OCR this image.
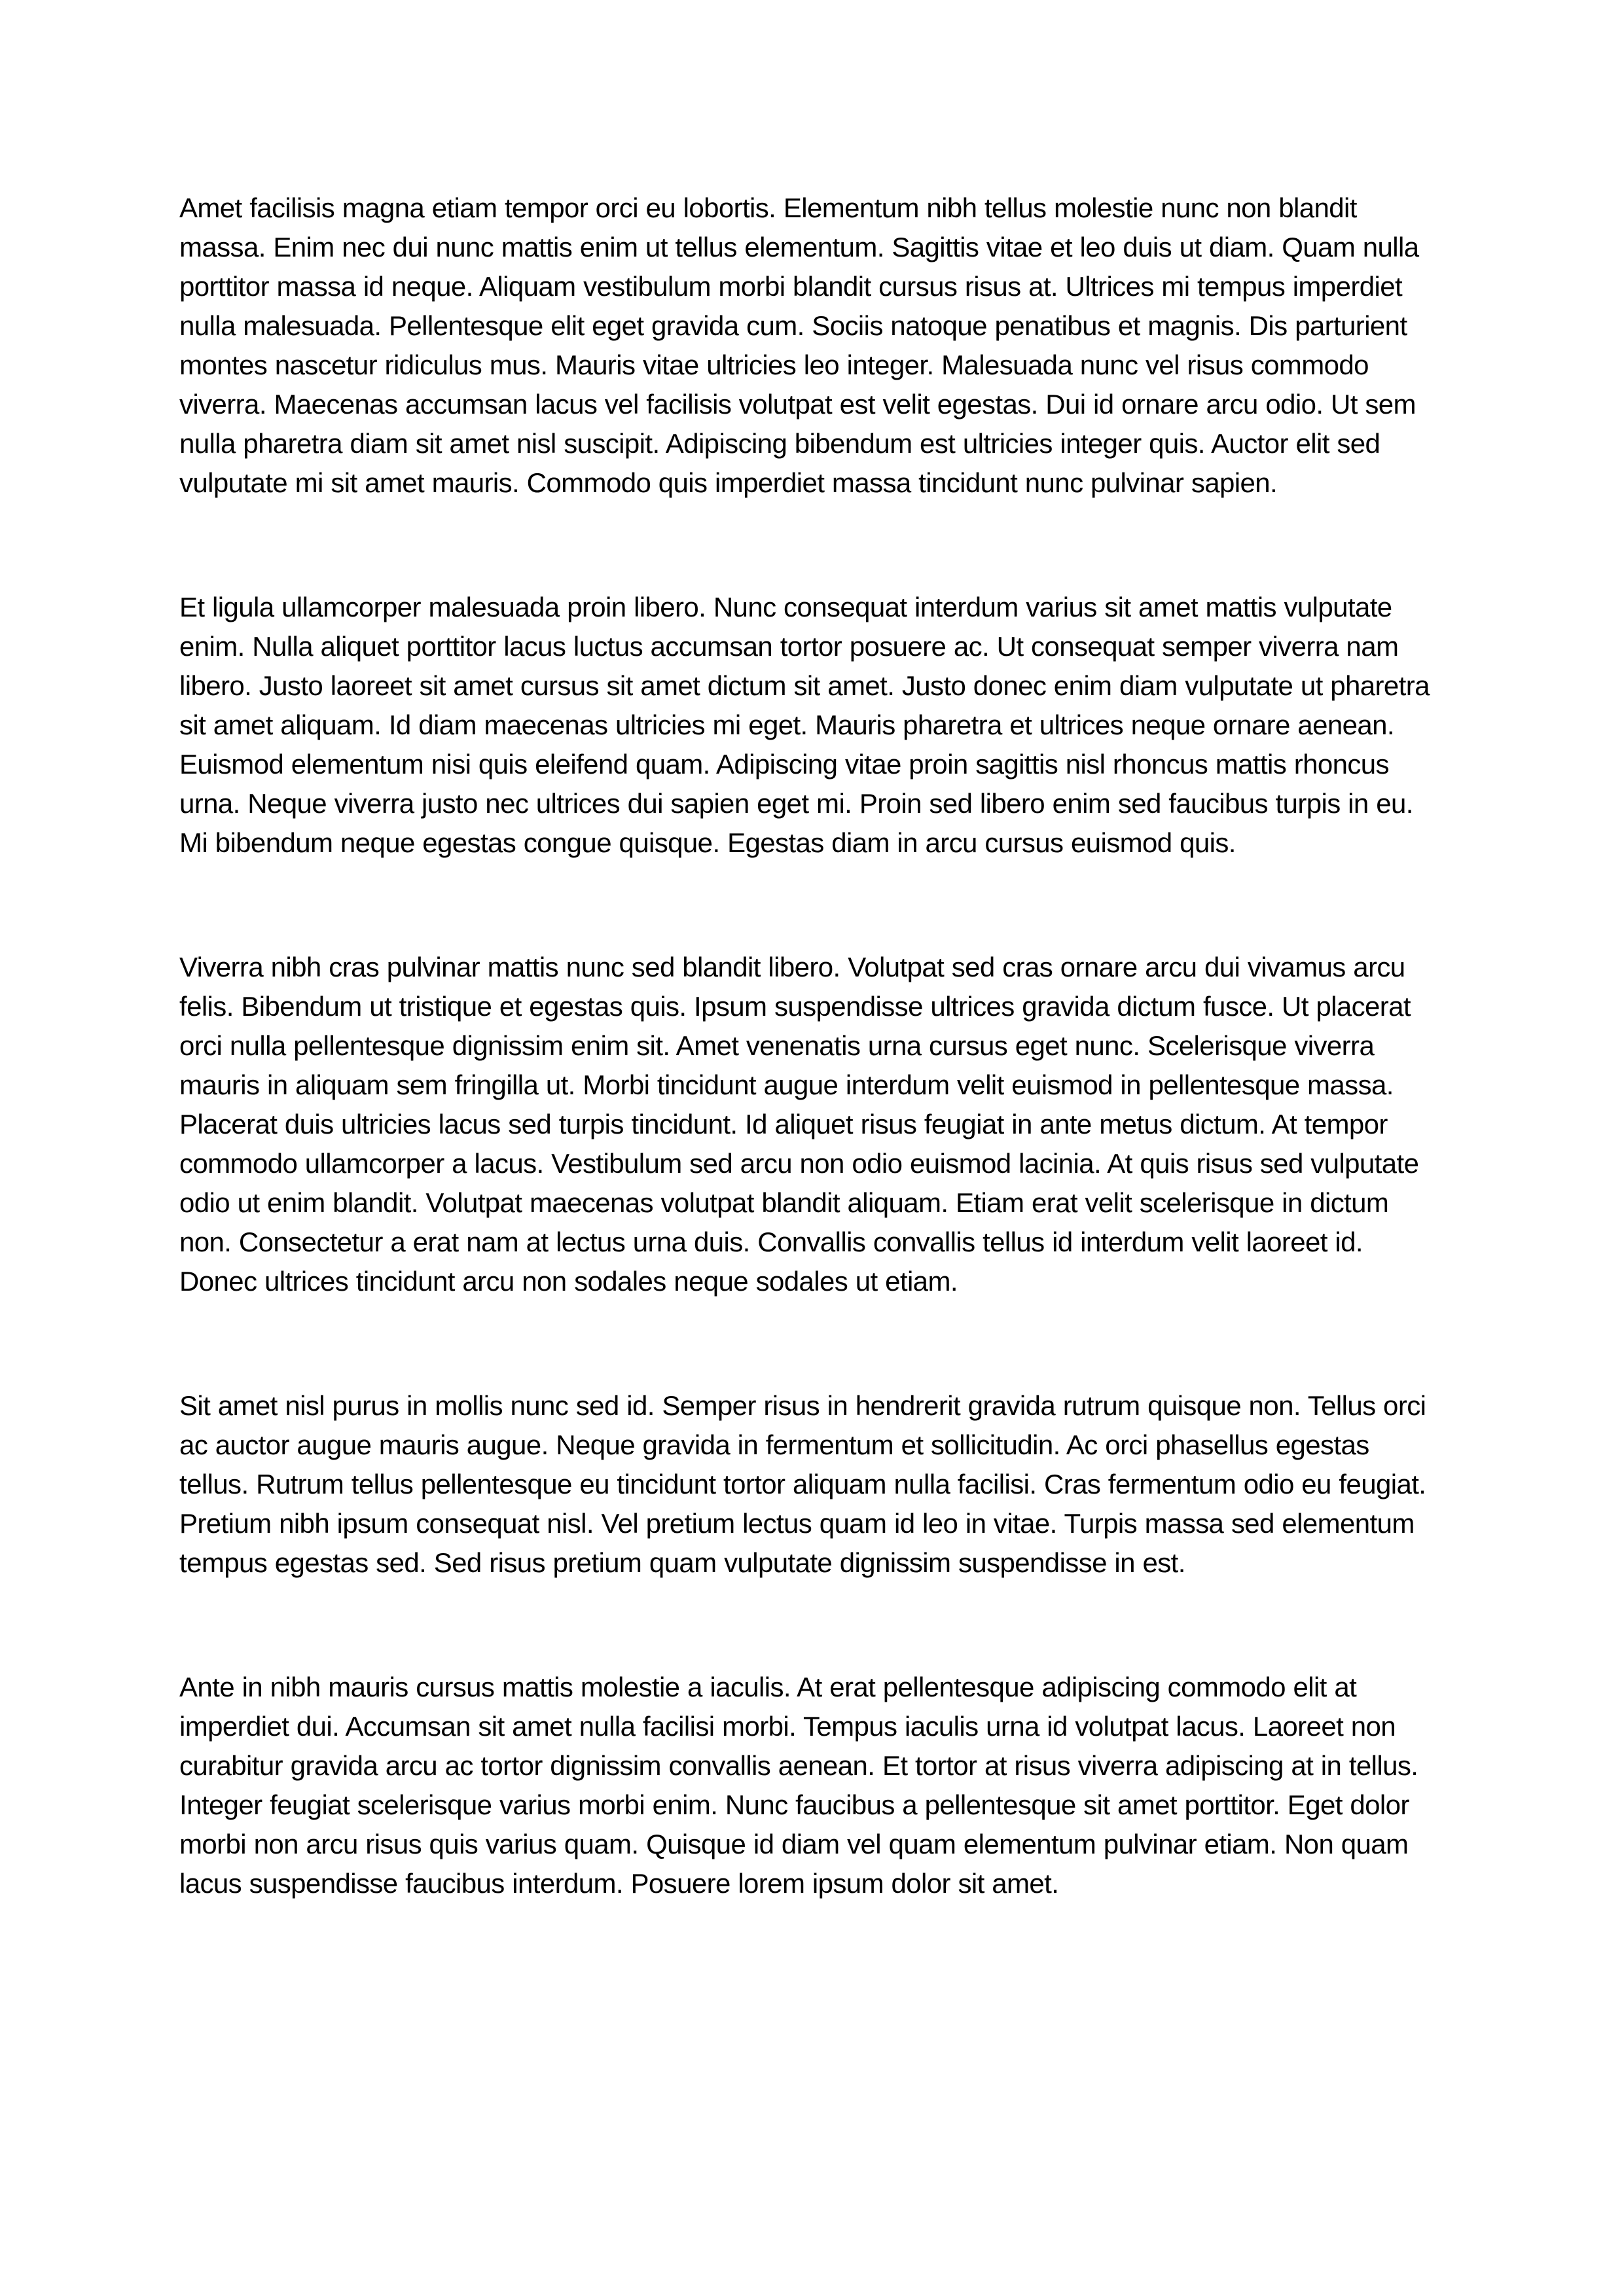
Amet facilisis magna etiam tempor orci eu lobortis. Elementum nibh tellus molestie nunc non blandit massa. Enim nec dui nunc mattis enim ut tellus elementum. Sagittis vitae et leo duis ut diam. Quam nulla porttitor massa id neque. Aliquam vestibulum morbi blandit cursus risus at. Ultrices mi tempus imperdiet nulla malesuada. Pellentesque elit eget gravida cum. Sociis natoque penatibus et magnis. Dis parturient montes nascetur ridiculus mus. Mauris vitae ultricies leo integer. Malesuada nunc vel risus commodo viverra. Maecenas accumsan lacus vel facilisis volutpat est velit egestas. Dui id ornare arcu odio. Ut sem nulla pharetra diam sit amet nisl suscipit. Adipiscing bibendum est ultricies integer quis. Auctor elit sed vulputate mi sit amet mauris. Commodo quis imperdiet massa tincidunt nunc pulvinar sapien.

Et ligula ullamcorper malesuada proin libero. Nunc consequat interdum varius sit amet mattis vulputate enim. Nulla aliquet porttitor lacus luctus accumsan tortor posuere ac. Ut consequat semper viverra nam libero. Justo laoreet sit amet cursus sit amet dictum sit amet. Justo donec enim diam vulputate ut pharetra sit amet aliquam. Id diam maecenas ultricies mi eget. Mauris pharetra et ultrices neque ornare aenean. Euismod elementum nisi quis eleifend quam. Adipiscing vitae proin sagittis nisl rhoncus mattis rhoncus urna. Neque viverra justo nec ultrices dui sapien eget mi. Proin sed libero enim sed faucibus turpis in eu. Mi bibendum neque egestas congue quisque. Egestas diam in arcu cursus euismod quis.

Viverra nibh cras pulvinar mattis nunc sed blandit libero. Volutpat sed cras ornare arcu dui vivamus arcu felis. Bibendum ut tristique et egestas quis. Ipsum suspendisse ultrices gravida dictum fusce. Ut placerat orci nulla pellentesque dignissim enim sit. Amet venenatis urna cursus eget nunc. Scelerisque viverra mauris in aliquam sem fringilla ut. Morbi tincidunt augue interdum velit euismod in pellentesque massa. Placerat duis ultricies lacus sed turpis tincidunt. Id aliquet risus feugiat in ante metus dictum. At tempor commodo ullamcorper a lacus. Vestibulum sed arcu non odio euismod lacinia. At quis risus sed vulputate odio ut enim blandit. Volutpat maecenas volutpat blandit aliquam. Etiam erat velit scelerisque in dictum non. Consectetur a erat nam at lectus urna duis. Convallis convallis tellus id interdum velit laoreet id. Donec ultrices tincidunt arcu non sodales neque sodales ut etiam.

Sit amet nisl purus in mollis nunc sed id. Semper risus in hendrerit gravida rutrum quisque non. Tellus orci ac auctor augue mauris augue. Neque gravida in fermentum et sollicitudin. Ac orci phasellus egestas tellus. Rutrum tellus pellentesque eu tincidunt tortor aliquam nulla facilisi. Cras fermentum odio eu feugiat. Pretium nibh ipsum consequat nisl. Vel pretium lectus quam id leo in vitae. Turpis massa sed elementum tempus egestas sed. Sed risus pretium quam vulputate dignissim suspendisse in est.

Ante in nibh mauris cursus mattis molestie a iaculis. At erat pellentesque adipiscing commodo elit at imperdiet dui. Accumsan sit amet nulla facilisi morbi. Tempus iaculis urna id volutpat lacus. Laoreet non curabitur gravida arcu ac tortor dignissim convallis aenean. Et tortor at risus viverra adipiscing at in tellus. Integer feugiat scelerisque varius morbi enim. Nunc faucibus a pellentesque sit amet porttitor. Eget dolor morbi non arcu risus quis varius quam. Quisque id diam vel quam elementum pulvinar etiam. Non quam lacus suspendisse faucibus interdum. Posuere lorem ipsum dolor sit amet.
